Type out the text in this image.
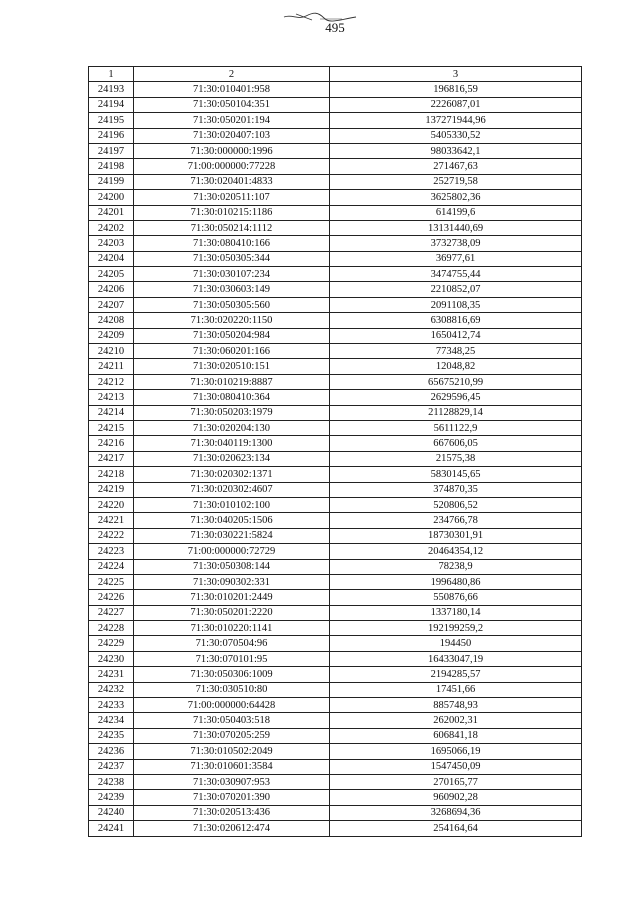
495
1	2	3
24193	71:30:010401:958	196816,59
24194	71:30:050104:351	2226087,01
24195	71:30:050201:194	137271944,96
24196	71:30:020407:103	5405330,52
24197	71:30:000000:1996	98033642,1
24198	71:00:000000:77228	271467,63
24199	71:30:020401:4833	252719,58
24200	71:30:020511:107	3625802,36
24201	71:30:010215:1186	614199,6
24202	71:30:050214:1112	13131440,69
24203	71:30:080410:166	3732738,09
24204	71:30:050305:344	36977,61
24205	71:30:030107:234	3474755,44
24206	71:30:030603:149	2210852,07
24207	71:30:050305:560	2091108,35
24208	71:30:020220:1150	6308816,69
24209	71:30:050204:984	1650412,74
24210	71:30:060201:166	77348,25
24211	71:30:020510:151	12048,82
24212	71:30:010219:8887	65675210,99
24213	71:30:080410:364	2629596,45
24214	71:30:050203:1979	21128829,14
24215	71:30:020204:130	5611122,9
24216	71:30:040119:1300	667606,05
24217	71:30:020623:134	21575,38
24218	71:30:020302:1371	5830145,65
24219	71:30:020302:4607	374870,35
24220	71:30:010102:100	520806,52
24221	71:30:040205:1506	234766,78
24222	71:30:030221:5824	18730301,91
24223	71:00:000000:72729	20464354,12
24224	71:30:050308:144	78238,9
24225	71:30:090302:331	1996480,86
24226	71:30:010201:2449	550876,66
24227	71:30:050201:2220	1337180,14
24228	71:30:010220:1141	192199259,2
24229	71:30:070504:96	194450
24230	71:30:070101:95	16433047,19
24231	71:30:050306:1009	2194285,57
24232	71:30:030510:80	17451,66
24233	71:00:000000:64428	885748,93
24234	71:30:050403:518	262002,31
24235	71:30:070205:259	606841,18
24236	71:30:010502:2049	1695066,19
24237	71:30:010601:3584	1547450,09
24238	71:30:030907:953	270165,77
24239	71:30:070201:390	960902,28
24240	71:30:020513:436	3268694,36
24241	71:30:020612:474	254164,64
